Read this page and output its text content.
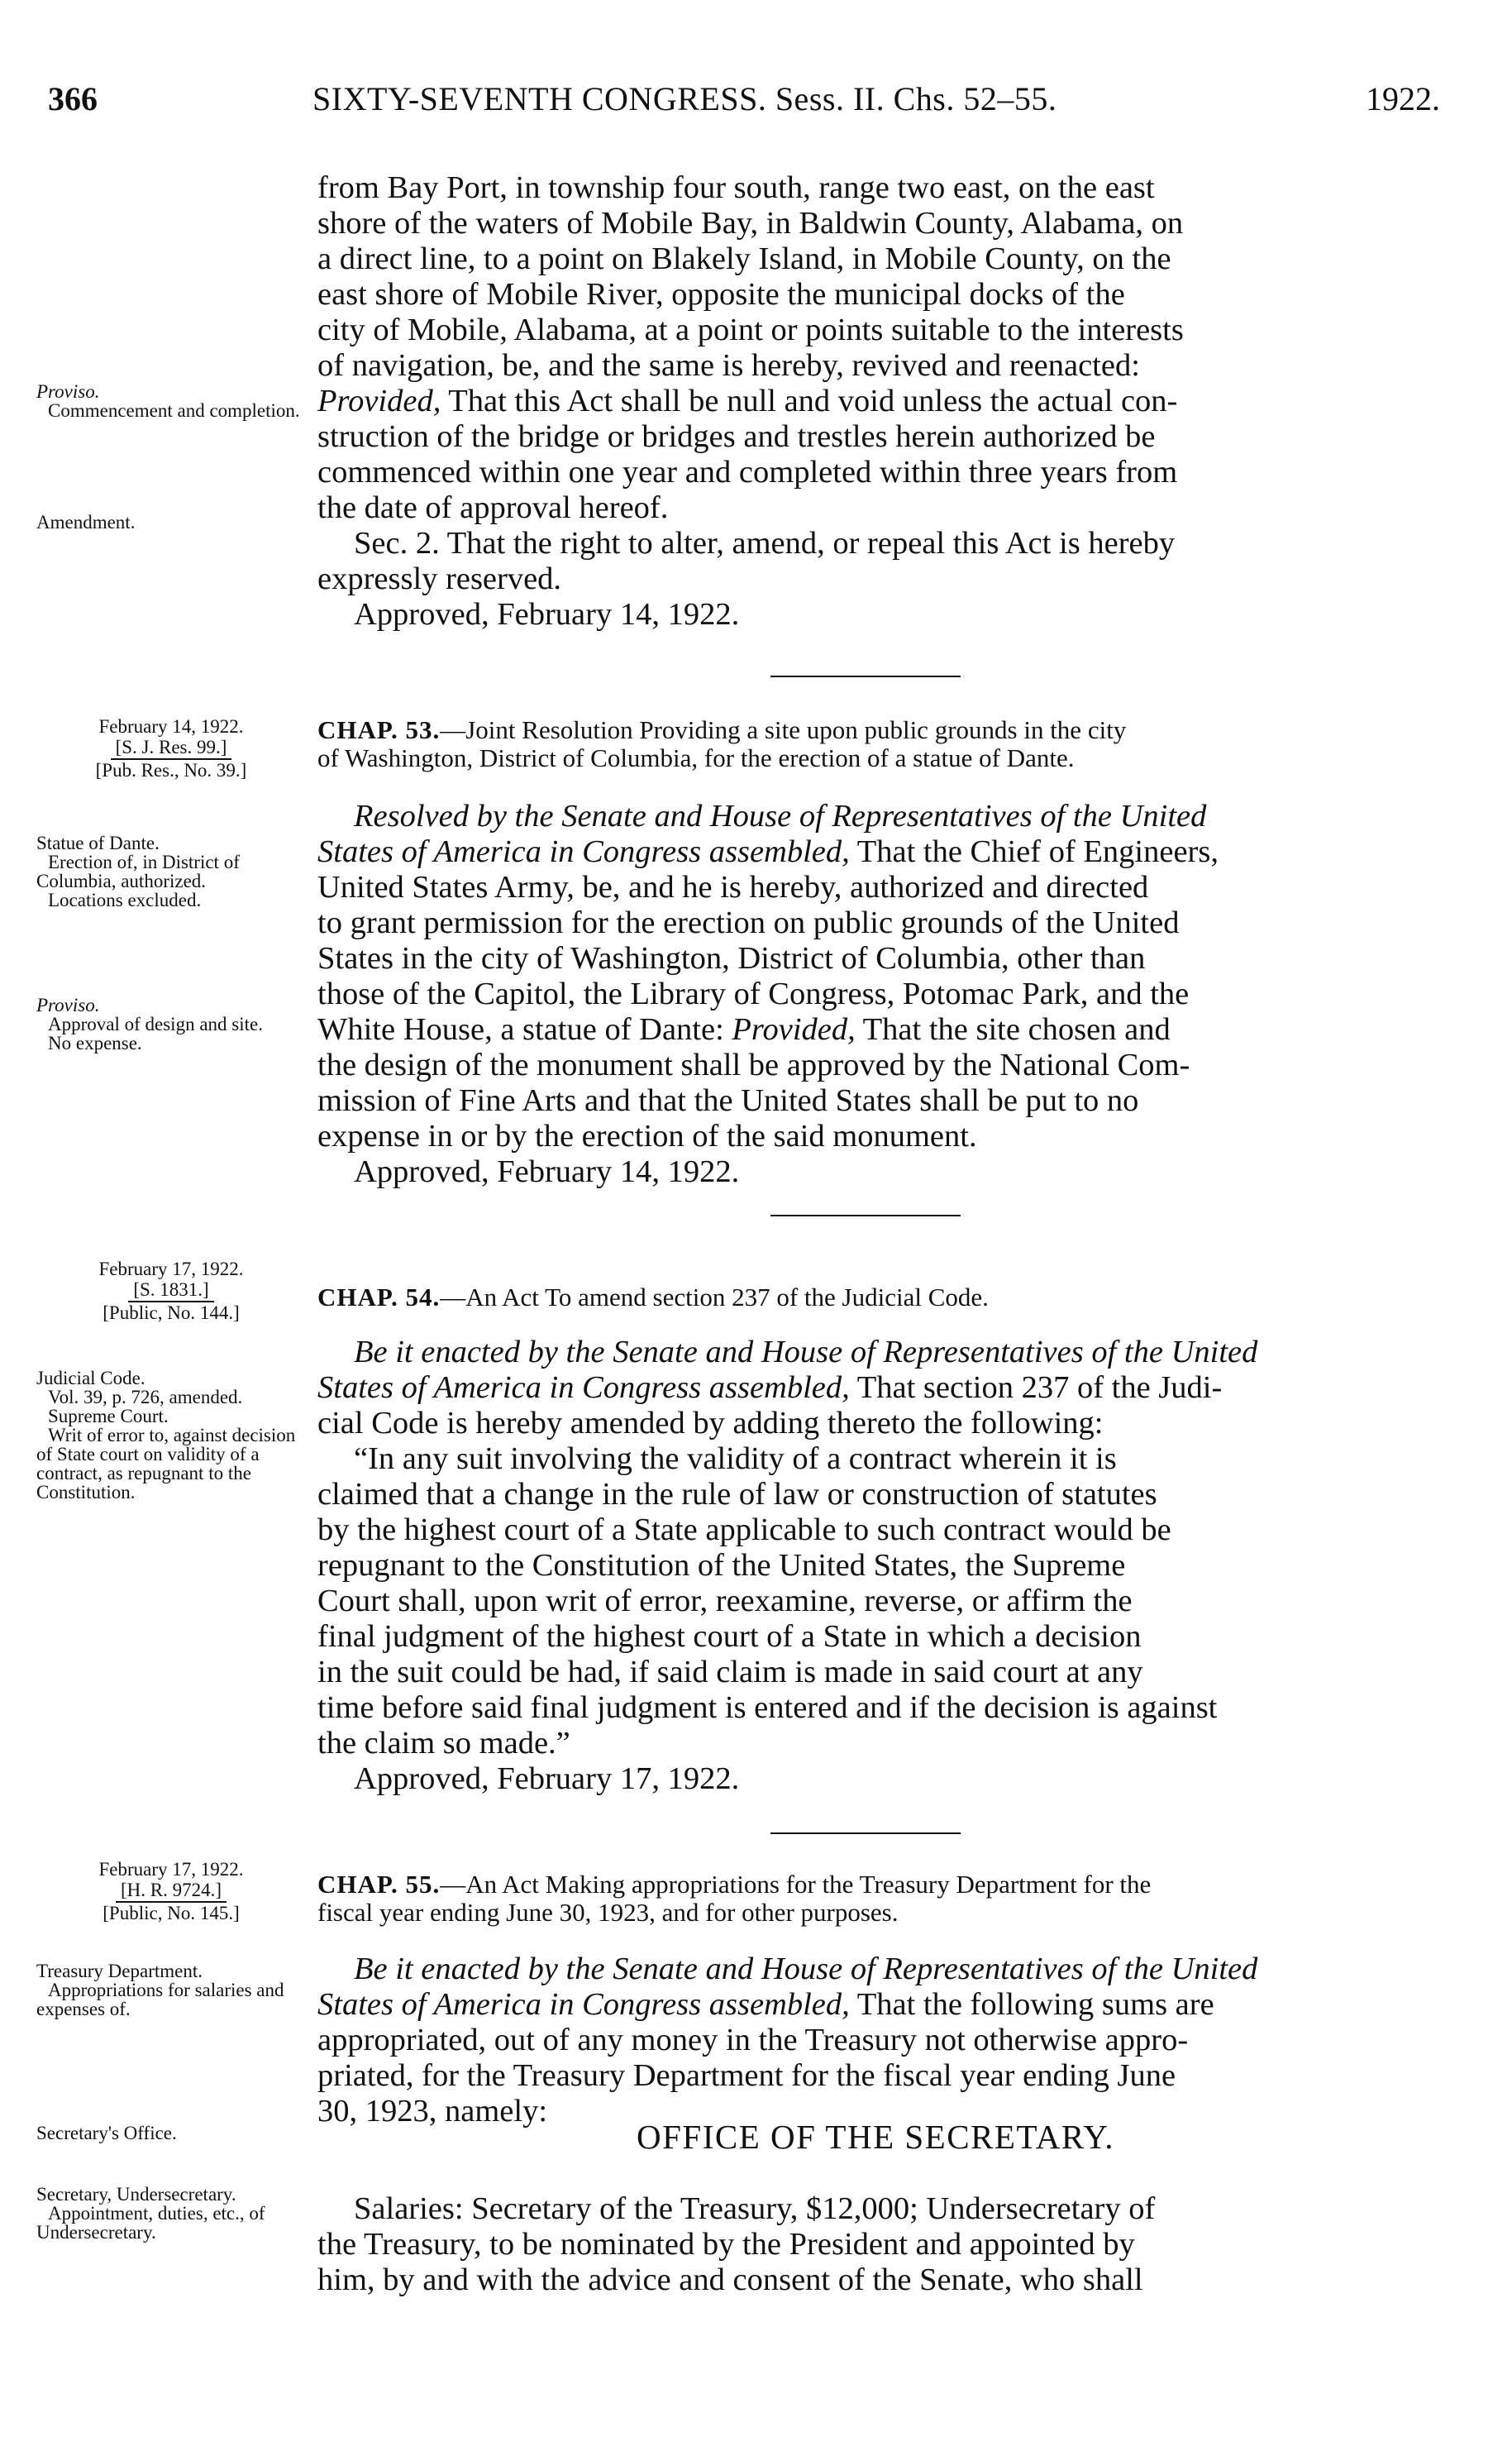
366	SIXTY-SEVENTH CONGRESS. Sess. II. Chs. 52–55.	1922.

from Bay Port, in township four south, range two east, on the east

shore of the waters of Mobile Bay, in Baldwin County, Alabama, on

a direct line, to a point on Blakely Island, in Mobile County, on the

east shore of Mobile River, opposite the municipal docks of the

city of Mobile, Alabama, at a point or points suitable to the interests

of navigation, be, and the same is hereby, revived and reenacted:

Provided, That this Act shall be null and void unless the actual con-

struction of the bridge or bridges and trestles herein authorized be

commenced within one year and completed within three years from

the date of approval hereof.

Sec. 2. That the right to alter, amend, or repeal this Act is hereby

expressly reserved.

Approved, February 14, 1922.

Proviso.
Commencement and completion.
Amendment.
February 14, 1922.
[S. J. Res. 99.]
[Pub. Res., No. 39.]
CHAP. 53.—Joint Resolution Providing a site upon public grounds in the city
of Washington, District of Columbia, for the erection of a statue of Dante.

Resolved by the Senate and House of Representatives of the United

States of America in Congress assembled, That the Chief of Engineers,

United States Army, be, and he is hereby, authorized and directed

to grant permission for the erection on public grounds of the United

States in the city of Washington, District of Columbia, other than

those of the Capitol, the Library of Congress, Potomac Park, and the

White House, a statue of Dante: Provided, That the site chosen and

the design of the monument shall be approved by the National Com-

mission of Fine Arts and that the United States shall be put to no

expense in or by the erection of the said monument.

Approved, February 14, 1922.

Statue of Dante.
Erection of, in District of Columbia, authorized.
Locations excluded.
Proviso.
Approval of design and site.
No expense.
February 17, 1922.
[S. 1831.]
[Public, No. 144.]
CHAP. 54.—An Act To amend section 237 of the Judicial Code.

Be it enacted by the Senate and House of Representatives of the United

States of America in Congress assembled, That section 237 of the Judi-

cial Code is hereby amended by adding thereto the following:

“In any suit involving the validity of a contract wherein it is

claimed that a change in the rule of law or construction of statutes

by the highest court of a State applicable to such contract would be

repugnant to the Constitution of the United States, the Supreme

Court shall, upon writ of error, reexamine, reverse, or affirm the

final judgment of the highest court of a State in which a decision

in the suit could be had, if said claim is made in said court at any

time before said final judgment is entered and if the decision is against

the claim so made.”

Approved, February 17, 1922.

Judicial Code.
Vol. 39, p. 726, amended.
Supreme Court.
Writ of error to, against decision of State court on validity of a contract, as repugnant to the Constitution.
February 17, 1922.
[H. R. 9724.]
[Public, No. 145.]
CHAP. 55.—An Act Making appropriations for the Treasury Department for the
fiscal year ending June 30, 1923, and for other purposes.

Be it enacted by the Senate and House of Representatives of the United

States of America in Congress assembled, That the following sums are

appropriated, out of any money in the Treasury not otherwise appro-

priated, for the Treasury Department for the fiscal year ending June

30, 1923, namely:

Treasury Department.
Appropriations for salaries and expenses of.
Secretary's Office.	OFFICE OF THE SECRETARY.

Salaries: Secretary of the Treasury, $12,000; Undersecretary of

the Treasury, to be nominated by the President and appointed by

him, by and with the advice and consent of the Senate, who shall

Secretary, Undersecretary.
Appointment, duties, etc., of Undersecretary.
